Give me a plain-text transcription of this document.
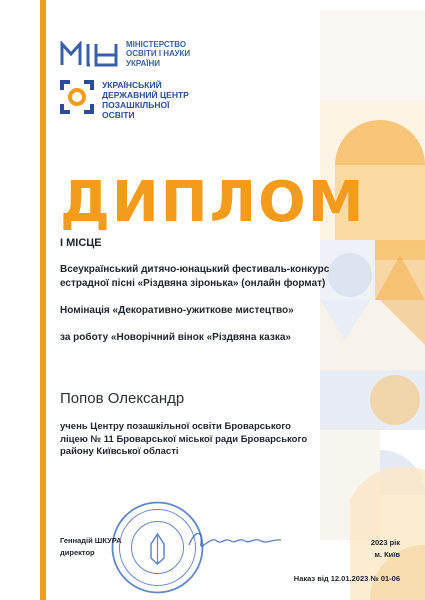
МІНІСТЕРСТВО
ОСВІТИ І НАУКИ
УКРАЇНИ
УКРАЇНСЬКИЙ
ДЕРЖАВНИЙ ЦЕНТР
ПОЗАШКІЛЬНОЇ
ОСВІТИ
ДИПЛОМ
І МІСЦЕ
Всеукраїнський дитячо-юнацький фестиваль-конкурс естрадної пісні «Різдвяна зіронька» (онлайн формат)
Номінація «Декоративно-ужиткове мистецтво»
за роботу «Новорічний вінок «Різдвяна казка»
Попов Олександр
учень Центру позашкільної освіти Броварського ліцею № 11 Броварської міської ради Броварського району Київської області
Геннадій ШКУРА
директор
2023 рік
м. Київ
Наказ від 12.01.2023 № 01-06
